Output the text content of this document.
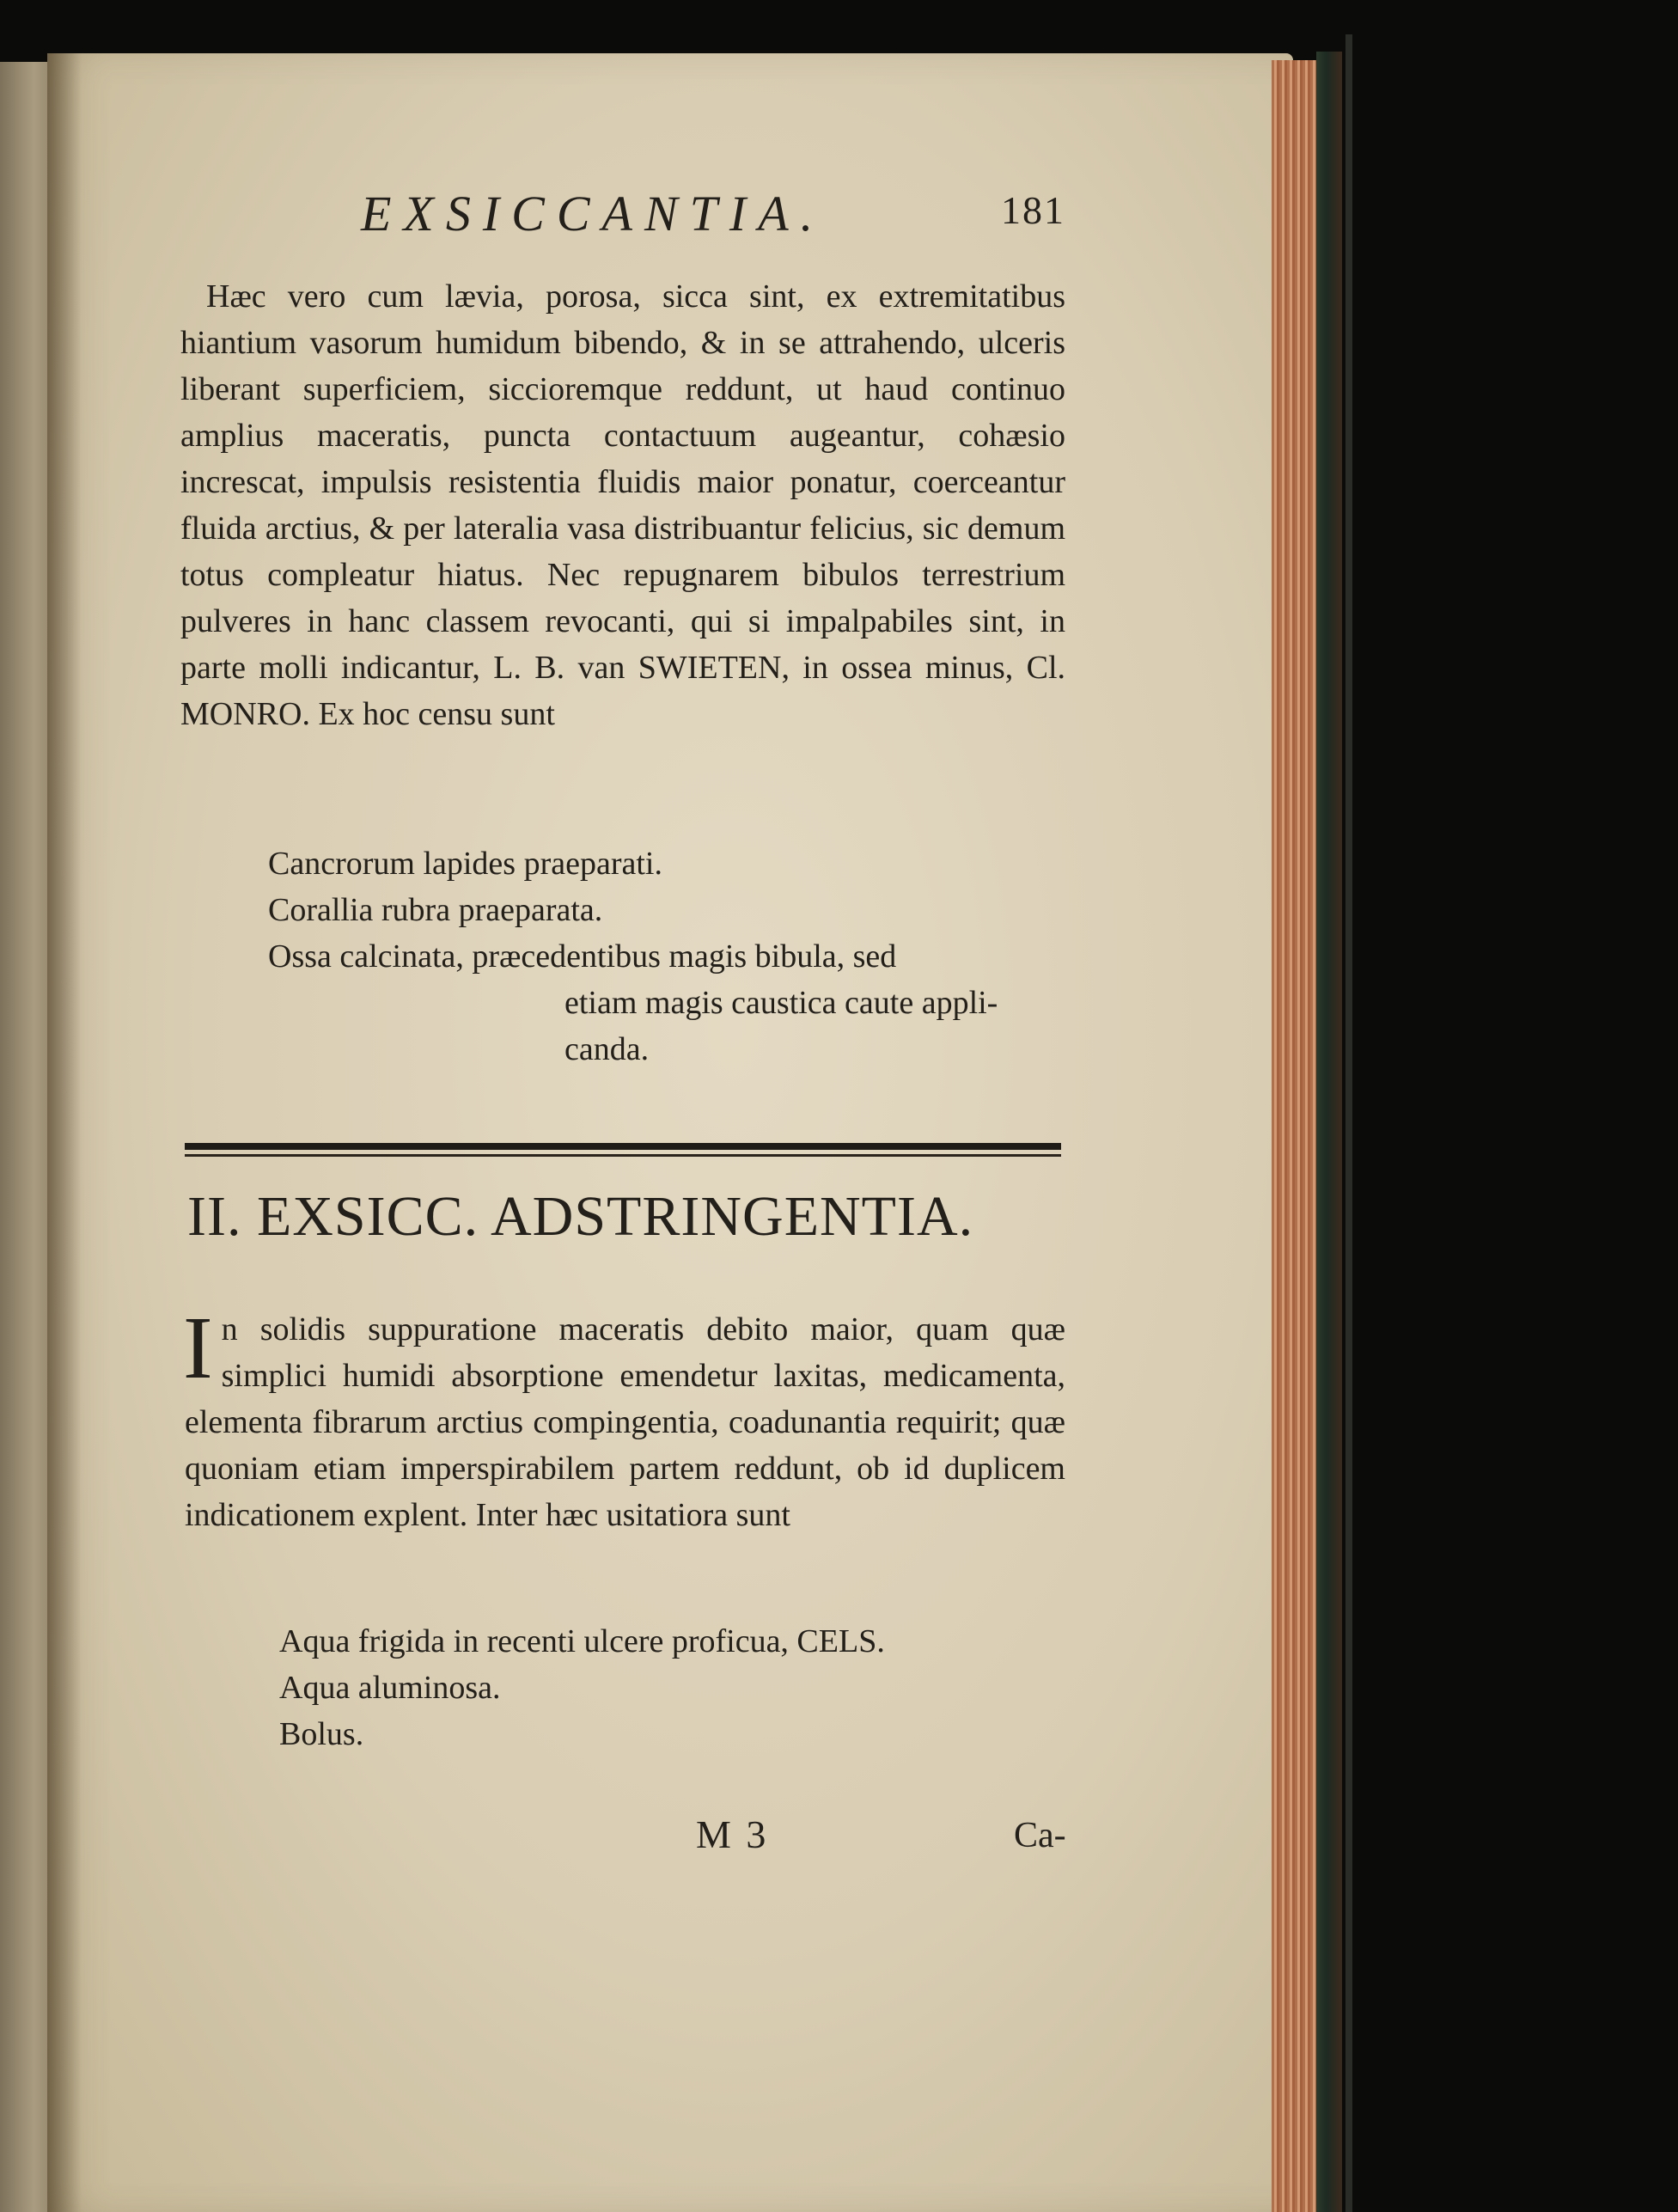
EXSICCANTIA.	181
Hæc vero cum lævia, porosa, sicca sint, ex extremitatibus hiantium vasorum humidum bibendo, & in se attrahendo, ulceris liberant superficiem, siccioremque reddunt, ut haud continuo amplius maceratis, puncta contactuum augeantur, cohæsio increscat, impulsis resistentia fluidis maior ponatur, coerceantur fluida arctius, & per lateralia vasa distribuantur felicius, sic demum totus compleatur hiatus. Nec repugnarem bibulos terrestrium pulveres in hanc classem revocanti, qui si impalpabiles sint, in parte molli indicantur, L. B. van SWIETEN, in ossea minus, Cl. MONRO. Ex hoc censu sunt
Cancrorum lapides praeparati.
Corallia rubra praeparata.
Ossa calcinata, præcedentibus magis bibula, sed
etiam magis caustica caute appli-
canda.
II. EXSICC. ADSTRINGENTIA.
In solidis suppuratione maceratis debito maior, quam quæ simplici humidi absorptione emendetur laxitas, medicamenta, elementa fibrarum arctius compingentia, coadunantia requirit; quæ quoniam etiam imperspirabilem partem reddunt, ob id duplicem indicationem explent. Inter hæc usitatiora sunt
Aqua frigida in recenti ulcere proficua, CELS.
Aqua aluminosa.
Bolus.
M 3	Ca-
